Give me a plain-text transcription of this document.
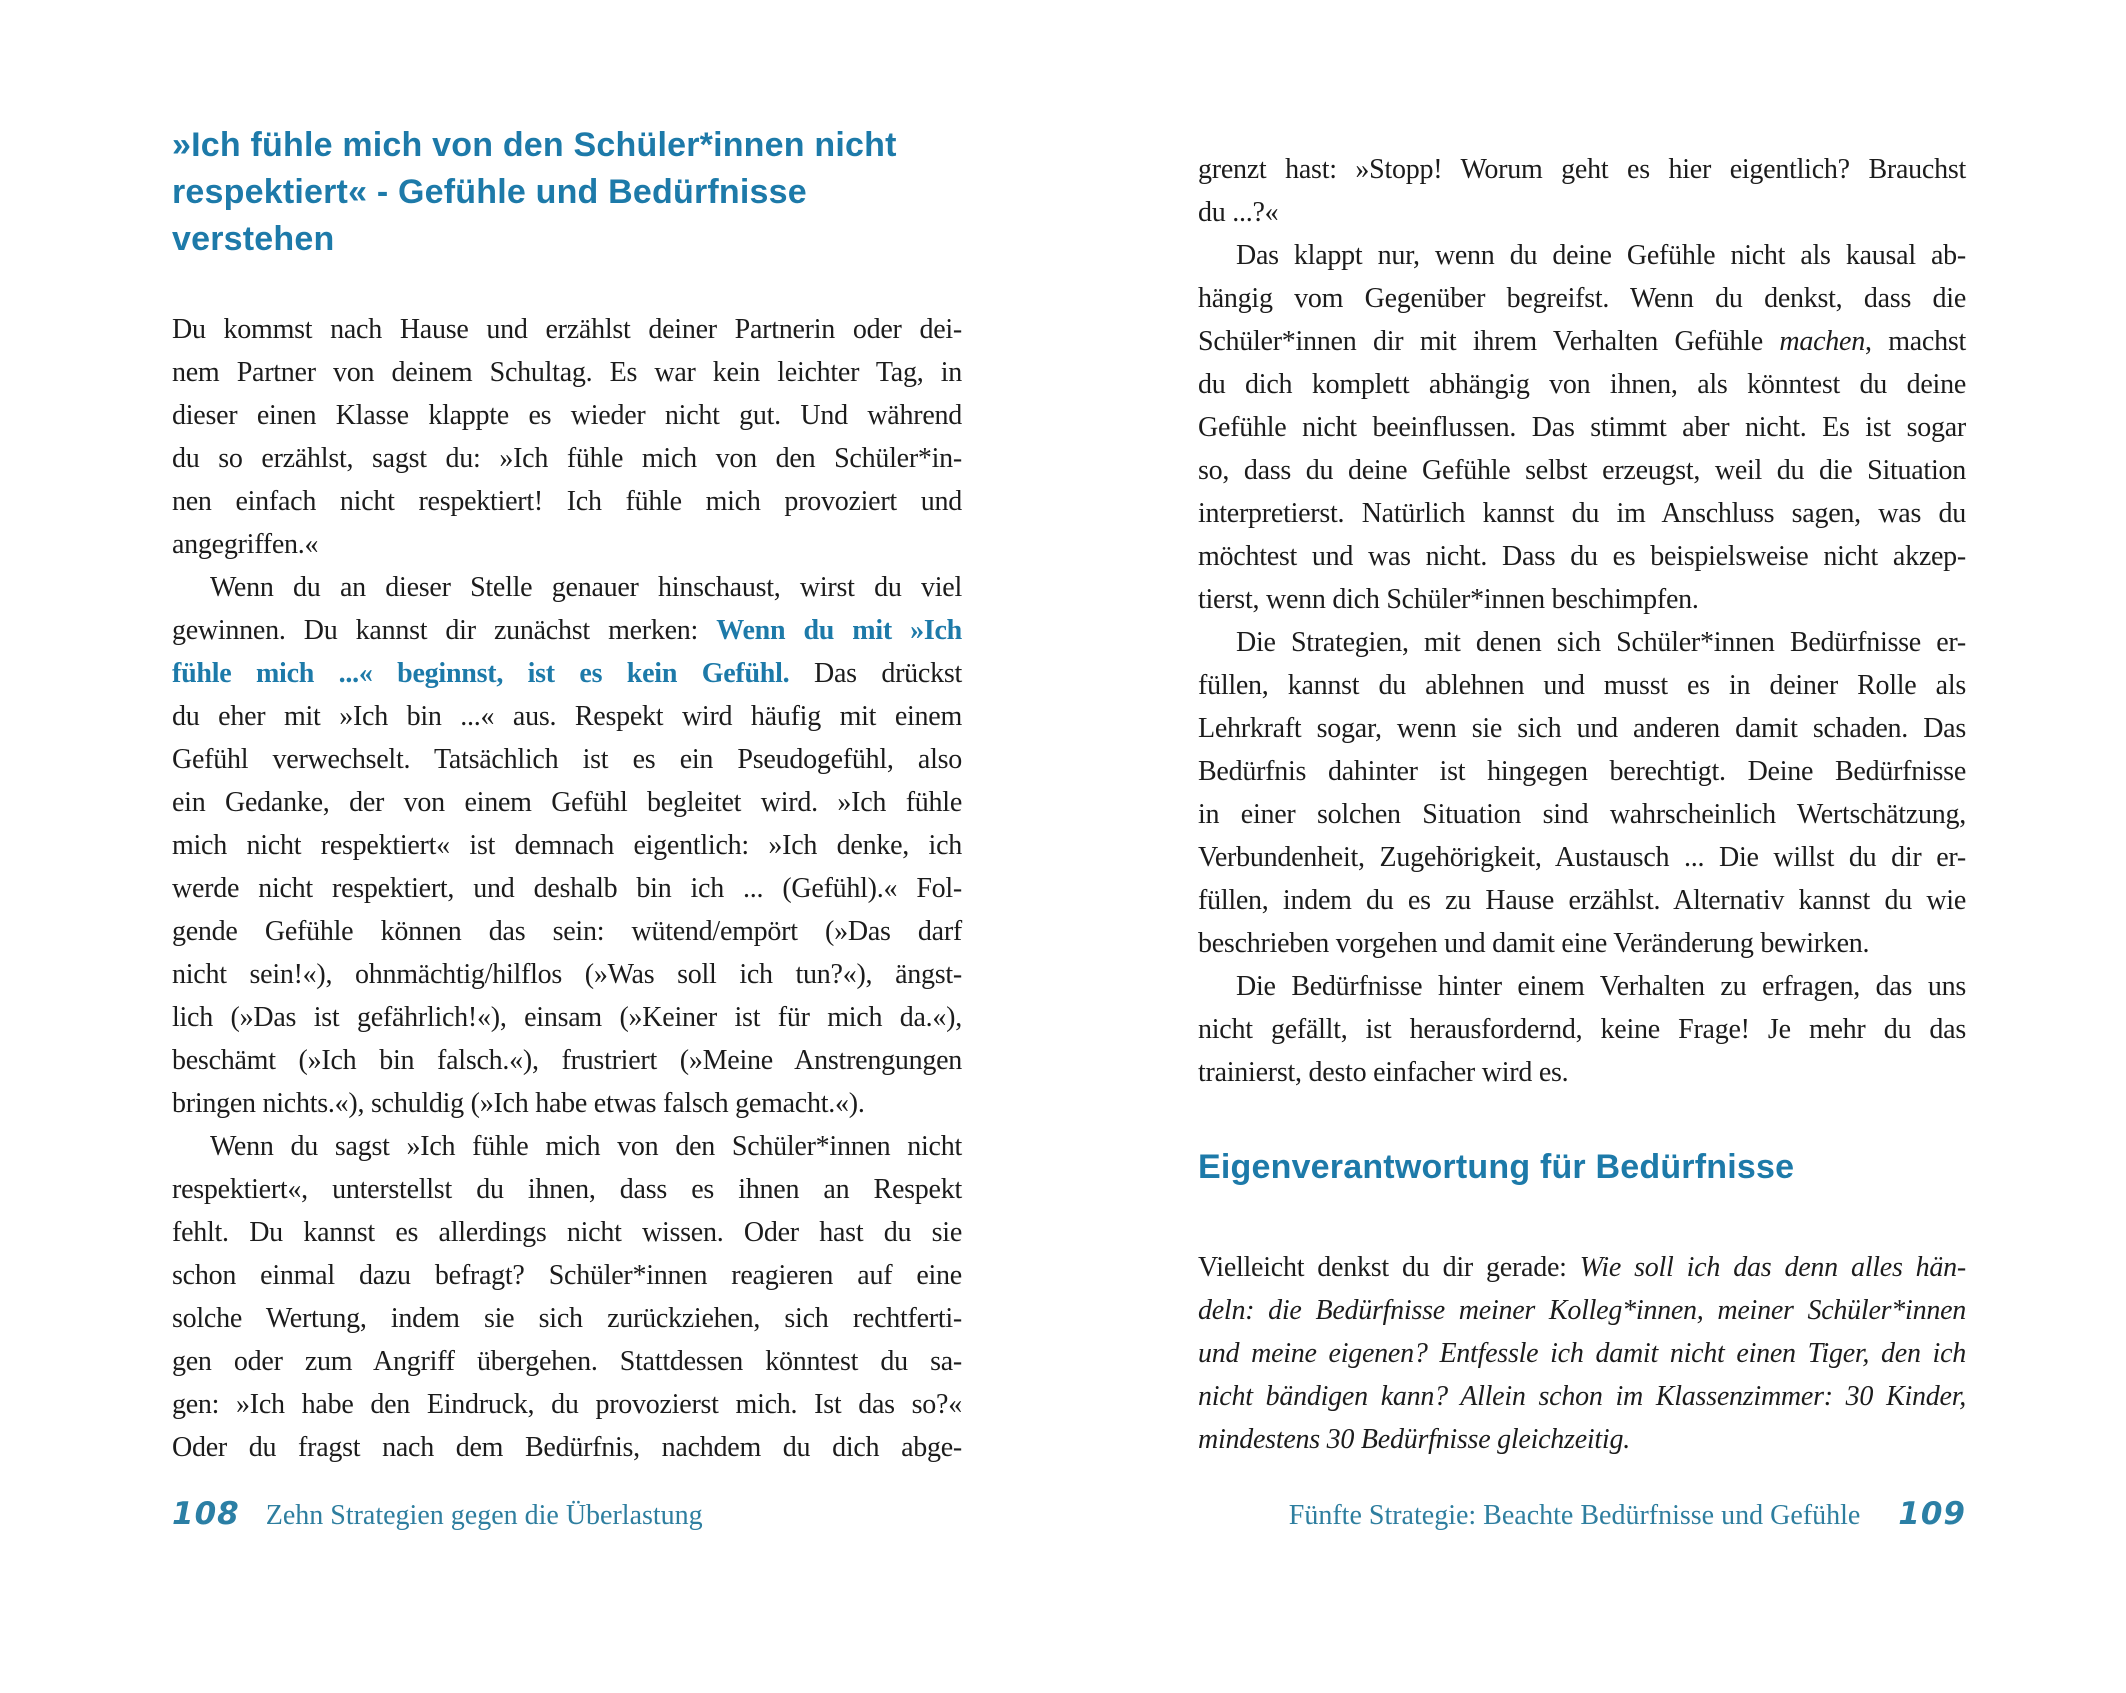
»Ich fühle mich von den Schüler*innen nicht
respektiert« - Gefühle und Bedürfnisse
verstehen
Du kommst nach Hause und erzählst deiner Partnerin oder dei-
nem Partner von deinem Schultag. Es war kein leichter Tag, in
dieser einen Klasse klappte es wieder nicht gut. Und während
du so erzählst, sagst du: »Ich fühle mich von den Schüler*in-
nen einfach nicht respektiert! Ich fühle mich provoziert und
angegriffen.«
Wenn du an dieser Stelle genauer hinschaust, wirst du viel
gewinnen. Du kannst dir zunächst merken: Wenn du mit »Ich
fühle mich ...« beginnst, ist es kein Gefühl. Das drückst
du eher mit »Ich bin ...« aus. Respekt wird häufig mit einem
Gefühl verwechselt. Tatsächlich ist es ein Pseudogefühl, also
ein Gedanke, der von einem Gefühl begleitet wird. »Ich fühle
mich nicht respektiert« ist demnach eigentlich: »Ich denke, ich
werde nicht respektiert, und deshalb bin ich ... (Gefühl).« Fol-
gende Gefühle können das sein: wütend/empört (»Das darf
nicht sein!«), ohnmächtig/hilflos (»Was soll ich tun?«), ängst-
lich (»Das ist gefährlich!«), einsam (»Keiner ist für mich da.«),
beschämt (»Ich bin falsch.«), frustriert (»Meine Anstrengungen
bringen nichts.«), schuldig (»Ich habe etwas falsch gemacht.«).
Wenn du sagst »Ich fühle mich von den Schüler*innen nicht
respektiert«, unterstellst du ihnen, dass es ihnen an Respekt
fehlt. Du kannst es allerdings nicht wissen. Oder hast du sie
schon einmal dazu befragt? Schüler*innen reagieren auf eine
solche Wertung, indem sie sich zurückziehen, sich rechtferti-
gen oder zum Angriff übergehen. Stattdessen könntest du sa-
gen: »Ich habe den Eindruck, du provozierst mich. Ist das so?«
Oder du fragst nach dem Bedürfnis, nachdem du dich abge-
108 Zehn Strategien gegen die Überlastung
grenzt hast: »Stopp! Worum geht es hier eigentlich? Brauchst
du ...?«
Das klappt nur, wenn du deine Gefühle nicht als kausal ab-
hängig vom Gegenüber begreifst. Wenn du denkst, dass die
Schüler*innen dir mit ihrem Verhalten Gefühle machen, machst
du dich komplett abhängig von ihnen, als könntest du deine
Gefühle nicht beeinflussen. Das stimmt aber nicht. Es ist sogar
so, dass du deine Gefühle selbst erzeugst, weil du die Situation
interpretierst. Natürlich kannst du im Anschluss sagen, was du
möchtest und was nicht. Dass du es beispielsweise nicht akzep-
tierst, wenn dich Schüler*innen beschimpfen.
Die Strategien, mit denen sich Schüler*innen Bedürfnisse er-
füllen, kannst du ablehnen und musst es in deiner Rolle als
Lehrkraft sogar, wenn sie sich und anderen damit schaden. Das
Bedürfnis dahinter ist hingegen berechtigt. Deine Bedürfnisse
in einer solchen Situation sind wahrscheinlich Wertschätzung,
Verbundenheit, Zugehörigkeit, Austausch ... Die willst du dir er-
füllen, indem du es zu Hause erzählst. Alternativ kannst du wie
beschrieben vorgehen und damit eine Veränderung bewirken.
Die Bedürfnisse hinter einem Verhalten zu erfragen, das uns
nicht gefällt, ist herausfordernd, keine Frage! Je mehr du das
trainierst, desto einfacher wird es.
Eigenverantwortung für Bedürfnisse
Vielleicht denkst du dir gerade: Wie soll ich das denn alles hän-
deln: die Bedürfnisse meiner Kolleg*innen, meiner Schüler*innen
und meine eigenen? Entfessle ich damit nicht einen Tiger, den ich
nicht bändigen kann? Allein schon im Klassenzimmer: 30 Kinder,
mindestens 30 Bedürfnisse gleichzeitig.
Fünfte Strategie: Beachte Bedürfnisse und Gefühle 109
